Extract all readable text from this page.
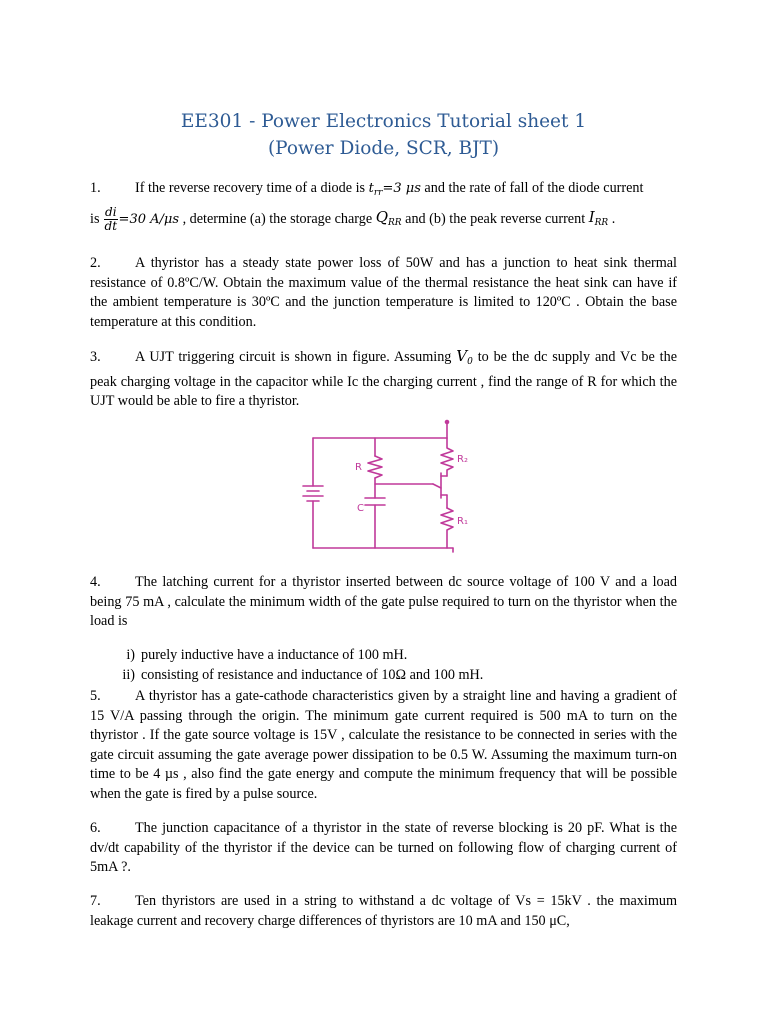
EE301 - Power Electronics Tutorial sheet 1
(Power Diode, SCR, BJT)
1. If the reverse recovery time of a diode is $t_{rr}=3$ μs and the rate of fall of the diode current
is $\frac{di}{dt} =30$ A/μs , determine (a) the storage charge $Q_{RR}$ and (b) the peak reverse current $I_{RR}$ .
2. A thyristor has a steady state power loss of 50W and has a junction to heat sink thermal resistance of 0.8ºC/W. Obtain the maximum value of the thermal resistance the heat sink can have if the ambient temperature is 30ºC and the junction temperature is limited to 120ºC . Obtain the base temperature at this condition.
3. A UJT triggering circuit is shown in figure. Assuming $V_0$ to be the dc supply and Vc be the peak charging voltage in the capacitor while Ic the charging current , find the range of R for which the UJT would be able to fire a thyristor.
R
C
R₂
R₁
4. The latching current for a thyristor inserted between dc source voltage of 100 V and a load being 75 mA , calculate the minimum width of the gate pulse required to turn on the thyristor when the load is
i) purely inductive have a inductance of 100 mH.
ii) consisting of resistance and inductance of 10Ω and 100 mH.
5. A thyristor has a gate-cathode characteristics given by a straight line and having a gradient of 15 V/A passing through the origin. The minimum gate current required is 500 mA to turn on the thyristor . If the gate source voltage is 15V , calculate the resistance to be connected in series with the gate circuit assuming the gate average power dissipation to be 0.5 W. Assuming the maximum turn-on time to be 4 µs , also find the gate energy and compute the minimum frequency that will be possible when the gate is fired by a pulse source.
6. The junction capacitance of a thyristor in the state of reverse blocking is 20 pF. What is the dv/dt capability of the thyristor if the device can be turned on following flow of charging current of 5mA ?.
7. Ten thyristors are used in a string to withstand a dc voltage of Vs = 15kV . the maximum leakage current and recovery charge differences of thyristors are 10 mA and 150 μC,
